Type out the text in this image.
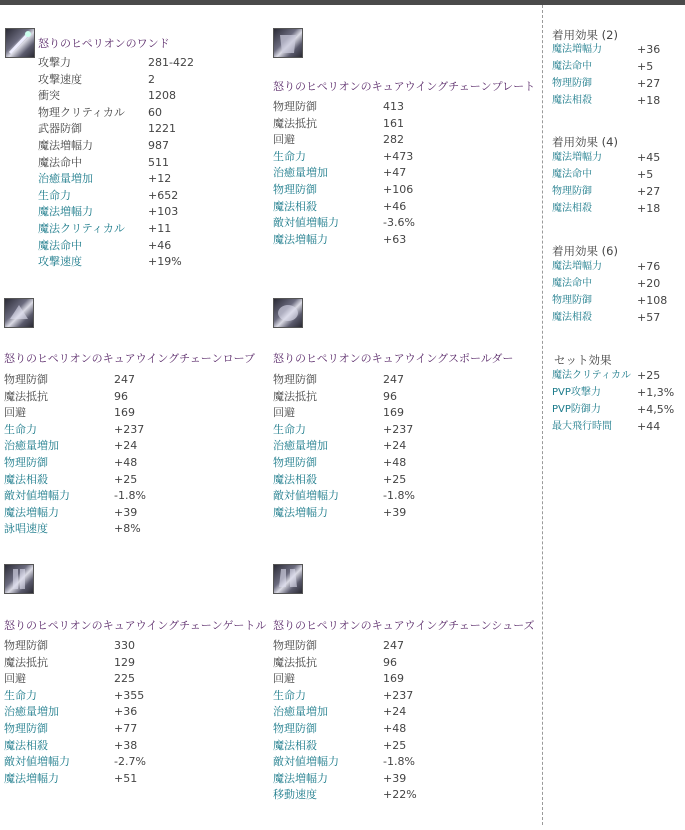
怒りのヒペリオンのワンド
攻撃力	281-422
攻撃速度	2
衝突	1208
物理クリティカル 60
武器防御	1221
魔法増幅力	987
魔法命中	511
治癒量増加	+12
生命力	+652
魔法増幅力	+103
魔法クリティカル +11
魔法命中	+46
攻撃速度	+19%
怒りのヒペリオンのキュアウイングチェーンプレート
物理防御	413
魔法抵抗	161
回避	282
生命力	+473
治癒量増加	+47
物理防御	+106
魔法相殺	+46
敵対値増幅力	-3.6%
魔法増幅力	+63
怒りのヒペリオンのキュアウイングチェーンローブ
物理防御	247
魔法抵抗	96
回避	169
生命力	+237
治癒量増加	+24
物理防御	+48
魔法相殺	+25
敵対値増幅力	-1.8%
魔法増幅力	+39
詠唱速度	+8%
怒りのヒペリオンのキュアウイングスポールダー
物理防御	247
魔法抵抗	96
回避	169
生命力	+237
治癒量増加	+24
物理防御	+48
魔法相殺	+25
敵対値増幅力	-1.8%
魔法増幅力	+39
怒りのヒペリオンのキュアウイングチェーンゲートル
物理防御	330
魔法抵抗	129
回避	225
生命力	+355
治癒量増加	+36
物理防御	+77
魔法相殺	+38
敵対値増幅力	-2.7%
魔法増幅力	+51
怒りのヒペリオンのキュアウイングチェーンシューズ
物理防御	247
魔法抵抗	96
回避	169
生命力	+237
治癒量増加	+24
物理防御	+48
魔法相殺	+25
敵対値増幅力	-1.8%
魔法増幅力	+39
移動速度	+22%
着用効果 (2)
魔法増幅力	+36
魔法命中	+5
物理防御	+27
魔法相殺	+18
着用効果 (4)
魔法増幅力	+45
魔法命中	+5
物理防御	+27
魔法相殺	+18
着用効果 (6)
魔法増幅力	+76
魔法命中	+20
物理防御	+108
魔法相殺	+57
セット効果
魔法クリティカル +25
PVP攻撃力	+1,3%
PVP防御力	+4,5%
最大飛行時間 +44
